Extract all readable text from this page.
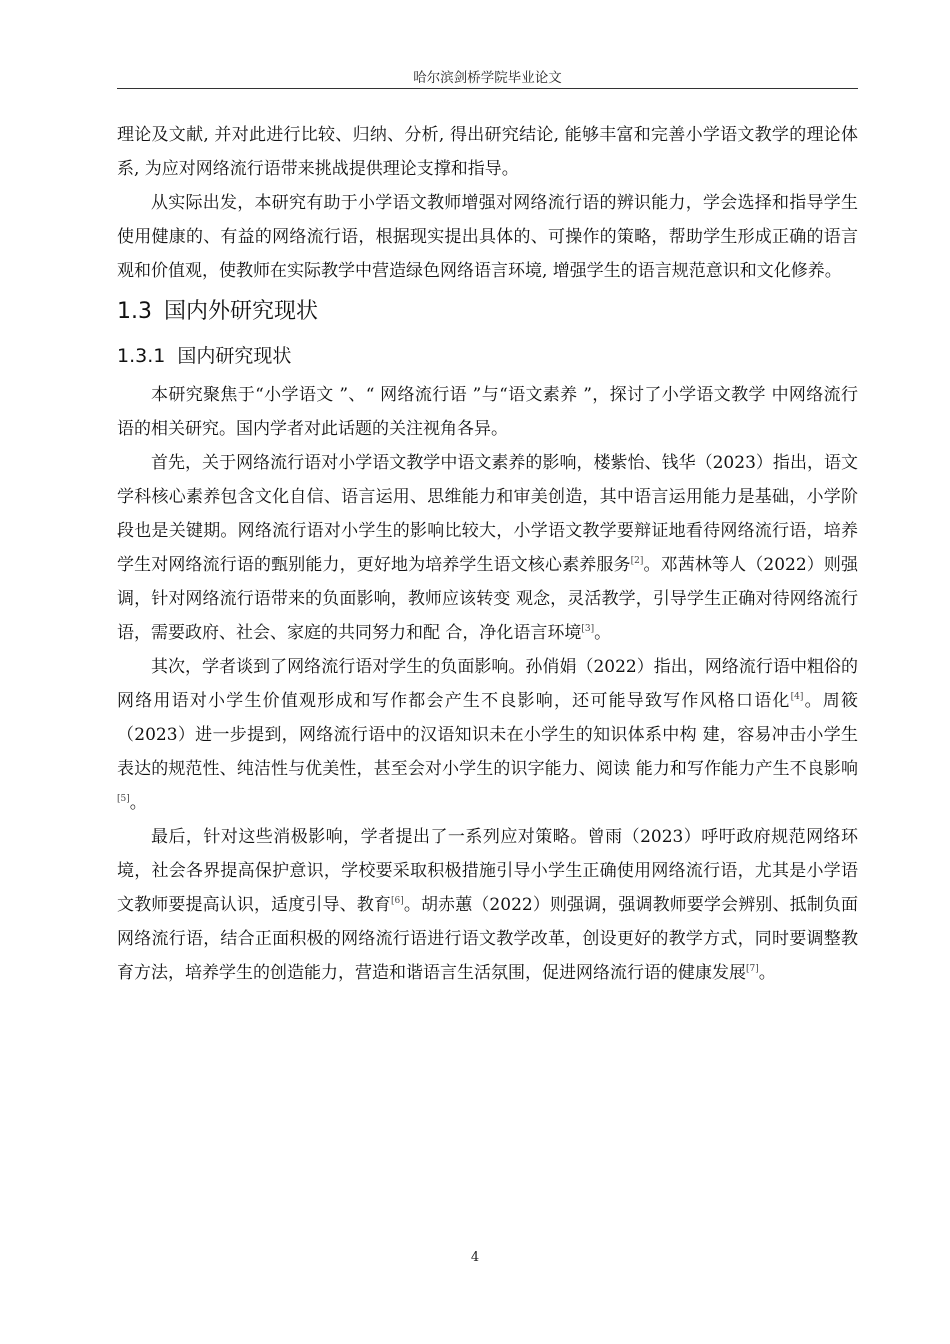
哈尔滨剑桥学院毕业论文

理论及文献, 并对此进行比较、归纳、分析, 得出研究结论, 能够丰富和完善小学语文教学的理论体系, 为应对网络流行语带来挑战提供理论支撑和指导。

从实际出发，本研究有助于小学语文教师增强对网络流行语的辨识能力，学会选择和指导学生使用健康的、有益的网络流行语，根据现实提出具体的、可操作的策略，帮助学生形成正确的语言观和价值观，使教师在实际教学中营造绿色网络语言环境, 增强学生的语言规范意识和文化修养。

1.3 国内外研究现状
1.3.1 国内研究现状

本研究聚焦于“小学语文 ”、“ 网络流行语 ”与“语文素养 ”，探讨了小学语文教学 中网络流行语的相关研究。国内学者对此话题的关注视角各异。

首先，关于网络流行语对小学语文教学中语文素养的影响，楼紫怡、钱华（2023）指出，语文学科核心素养包含文化自信、语言运用、思维能力和审美创造，其中语言运用能力是基础，小学阶段也是关键期。网络流行语对小学生的影响比较大，小学语文教学要辩证地看待网络流行语，培养学生对网络流行语的甄别能力，更好地为培养学生语文核心素养服务[2]。邓茜林等人（2022）则强调，针对网络流行语带来的负面影响，教师应该转变 观念，灵活教学，引导学生正确对待网络流行语，需要政府、社会、家庭的共同努力和配 合，净化语言环境[3]。

其次，学者谈到了网络流行语对学生的负面影响。孙俏娟（2022）指出，网络流行语中粗俗的网络用语对小学生价值观形成和写作都会产生不良影响，还可能导致写作风格口语化[4]。周筱（2023）进一步提到，网络流行语中的汉语知识未在小学生的知识体系中构 建，容易冲击小学生表达的规范性、纯洁性与优美性，甚至会对小学生的识字能力、阅读 能力和写作能力产生不良影响[5]。

最后，针对这些消极影响，学者提出了一系列应对策略。曾雨（2023）呼吁政府规范网络环境，社会各界提高保护意识，学校要采取积极措施引导小学生正确使用网络流行语，尤其是小学语文教师要提高认识，适度引导、教育[6]。胡赤蕙（2022）则强调，强调教师要学会辨别、抵制负面网络流行语，结合正面积极的网络流行语进行语文教学改革，创设更好的教学方式，同时要调整教育方法，培养学生的创造能力，营造和谐语言生活氛围，促进网络流行语的健康发展[7]。

4
